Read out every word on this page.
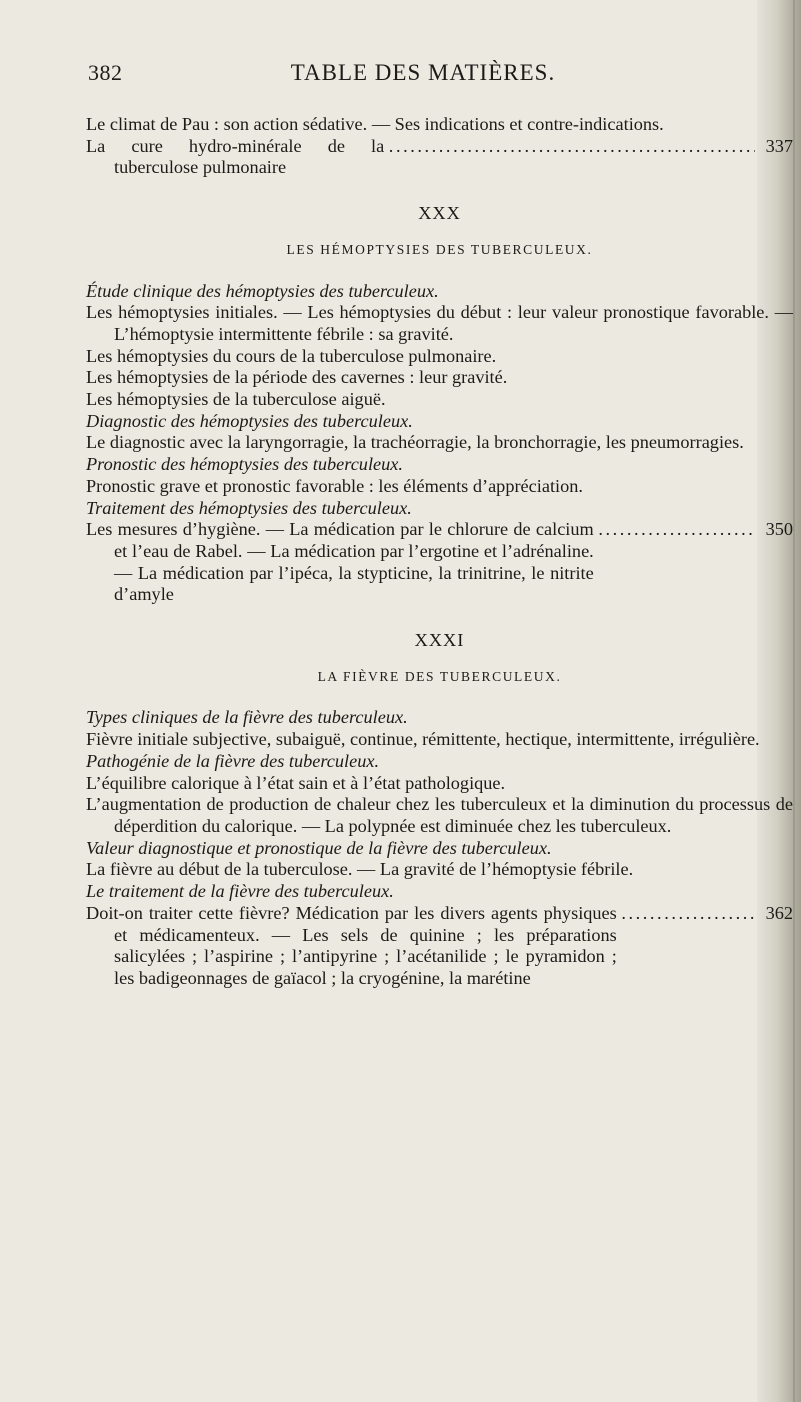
382	TABLE DES MATIÈRES.

Le climat de Pau : son action sédative. — Ses indications et contre-indications.

La cure hydro-minérale de la tuberculose pulmonaire
. . .
337
XXX
LES HÉMOPTYSIES DES TUBERCULEUX.

Étude clinique des hémoptysies des tuberculeux.

Les hémoptysies initiales. — Les hémoptysies du début : leur valeur pronostique favorable. — L’hémoptysie intermittente fébrile : sa gravité.

Les hémoptysies du cours de la tuberculose pulmonaire.

Les hémoptysies de la période des cavernes : leur gravité.

Les hémoptysies de la tuberculose aiguë.

Diagnostic des hémoptysies des tuberculeux.

Le diagnostic avec la laryngorragie, la trachéorragie, la bronchorragie, les pneumorragies.

Pronostic des hémoptysies des tuberculeux.

Pronostic grave et pronostic favorable : les éléments d’appréciation.

Traitement des hémoptysies des tuberculeux.

Les mesures d’hygiène. — La médication par le chlorure de calcium et l’eau de Rabel. — La médication par l’ergotine et l’adrénaline. — La médication par l’ipéca, la stypticine, la trinitrine, le nitrite d’amyle
. . .
350
XXXI
LA FIÈVRE DES TUBERCULEUX.

Types cliniques de la fièvre des tuberculeux.

Fièvre initiale subjective, subaiguë, continue, rémittente, hectique, intermittente, irrégulière.

Pathogénie de la fièvre des tuberculeux.

L’équilibre calorique à l’état sain et à l’état pathologique.

L’augmentation de production de chaleur chez les tuberculeux et la diminution du processus de déperdition du calorique. — La polypnée est diminuée chez les tuberculeux.

Valeur diagnostique et pronostique de la fièvre des tuberculeux.

La fièvre au début de la tuberculose. — La gravité de l’hémoptysie fébrile.

Le traitement de la fièvre des tuberculeux.

Doit-on traiter cette fièvre? Médication par les divers agents physiques et médicamenteux. — Les sels de quinine ; les préparations salicylées ; l’aspirine ; l’antipyrine ; l’acétanilide ; le pyramidon ; les badigeonnages de gaïacol ; la cryogénine, la marétine
. . .
362
